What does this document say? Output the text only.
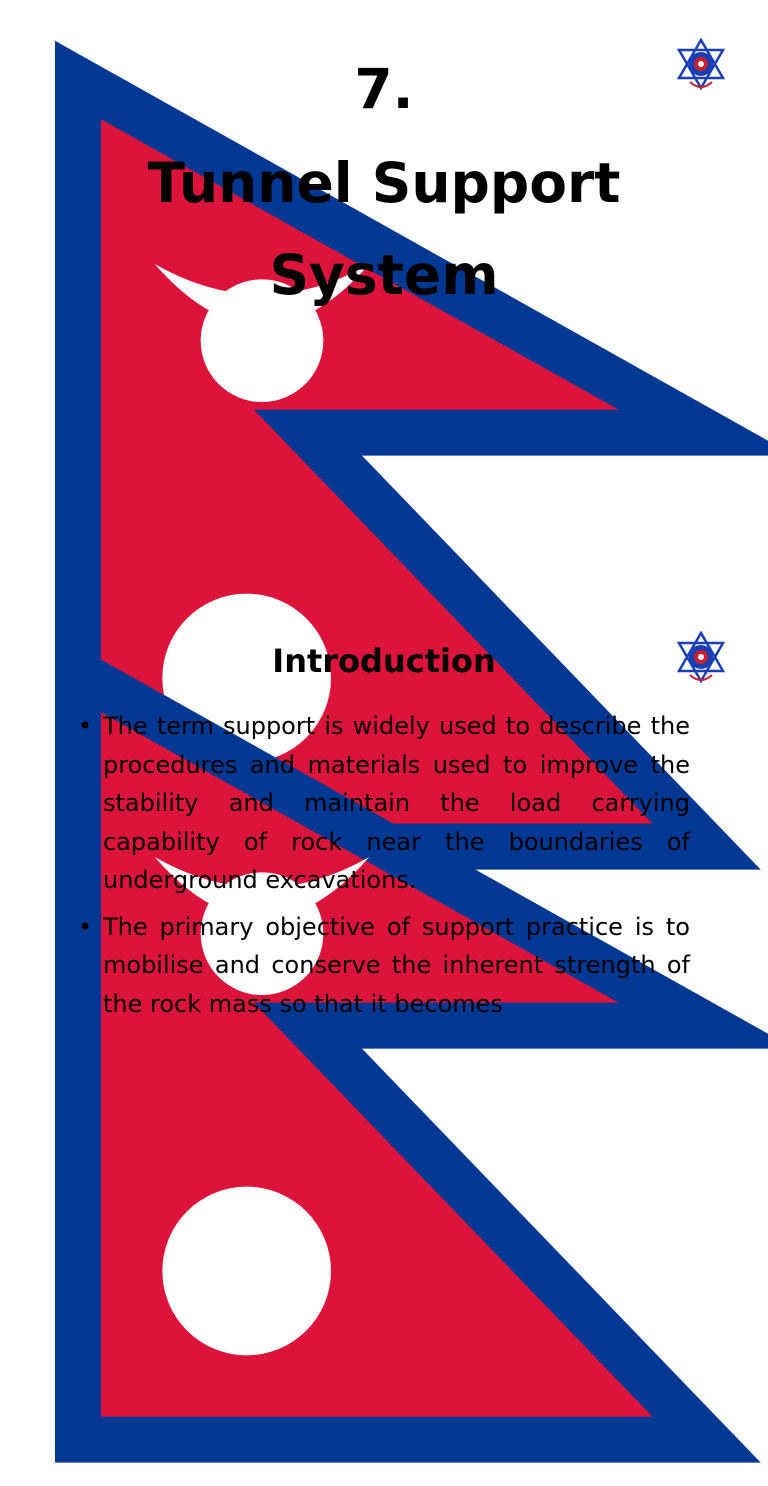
7.
Tunnel Support
System
Introduction
• The term support is widely used to describe the procedures and materials used to improve the stability and maintain the load carrying capability of rock near the boundaries of underground excavations.
• The primary objective of support practice is to mobilise and conserve the inherent strength of the rock mass so that it becomes
